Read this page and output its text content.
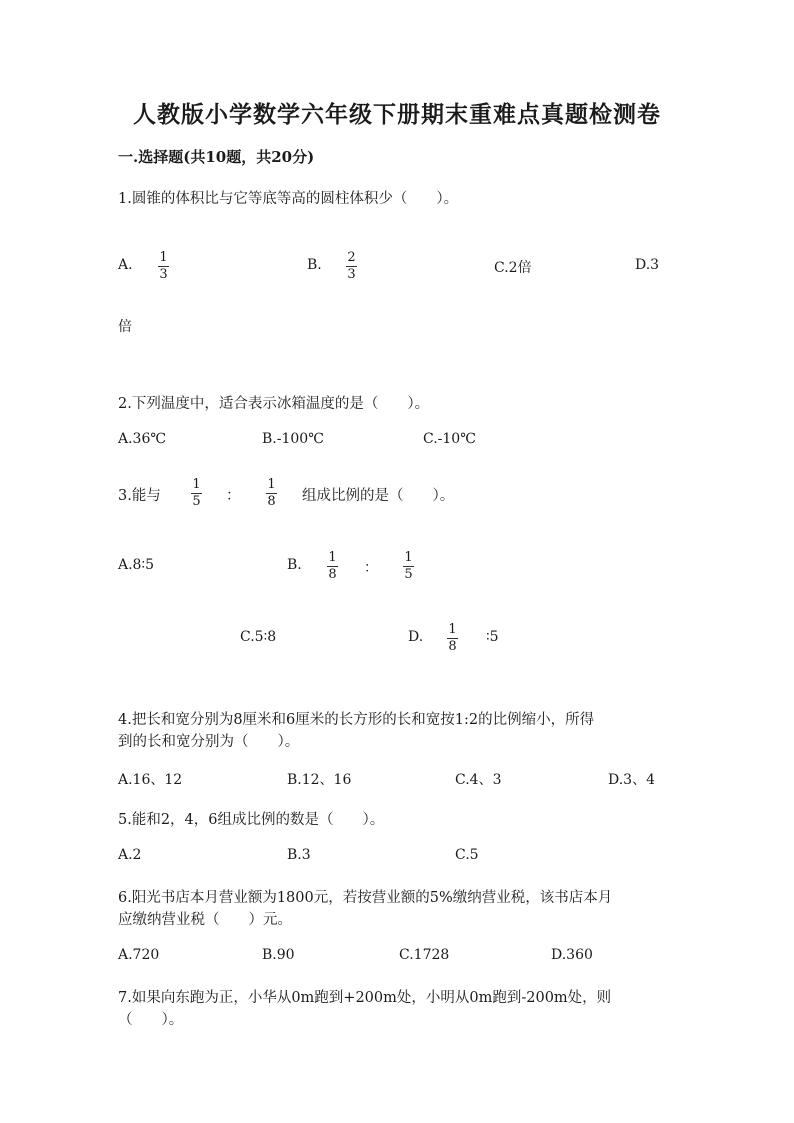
人教版小学数学六年级下册期末重难点真题检测卷
一.选择题(共10题，共20分)
1.圆锥的体积比与它等底等高的圆柱体积少（　　）。
A. 1
3
B. 2
3	C.2倍	D.3
倍
2.下列温度中，适合表示冰箱温度的是（　　）。
A.36℃	B.-100℃	C.-10℃
3.能与
1
5 ：
1
8 组成比例的是（　　）。
A.8∶5	B. 1
8 ：
1
5
C.5∶8	D. 1
8
∶5
4.把长和宽分别为8厘米和6厘米的长方形的长和宽按1:2的比例缩小，所得
到的长和宽分别为（　　）。
A.16、12	B.12、16	C.4、3	D.3、4
5.能和2，4，6组成比例的数是（　　）。
A.2	B.3	C.5
6.阳光书店本月营业额为1800元，若按营业额的5%缴纳营业税，该书店本月
应缴纳营业税（　　）元。
A.720	B.90	C.1728	D.360
7.如果向东跑为正，小华从0m跑到+200m处，小明从0m跑到-200m处，则
（　　）。
